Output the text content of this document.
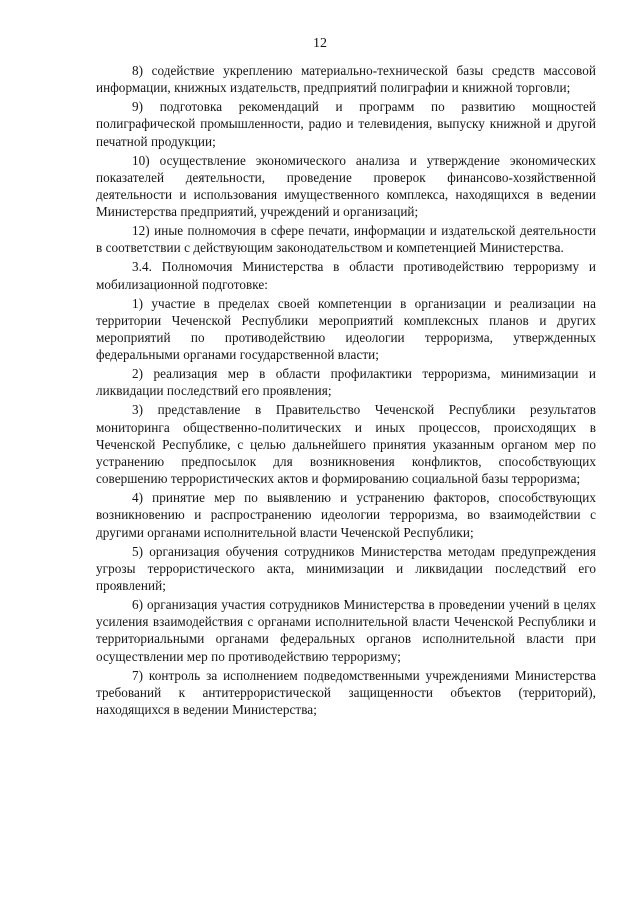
12

8) содействие укреплению материально-технической базы средств массовой информации, книжных издательств, предприятий полиграфии и книжной торговли;

9) подготовка рекомендаций и программ по развитию мощностей полиграфической промышленности, радио и телевидения, выпуску книжной и другой печатной продукции;

10) осуществление экономического анализа и утверждение экономических показателей деятельности, проведение проверок финансово-хозяйственной деятельности и использования имущественного комплекса, находящихся в ведении Министерства предприятий, учреждений и организаций;

12) иные полномочия в сфере печати, информации и издательской деятельности в соответствии с действующим законодательством и компетенцией Министерства.

3.4. Полномочия Министерства в области противодействию терроризму и мобилизационной подготовке:

1) участие в пределах своей компетенции в организации и реализации на территории Чеченской Республики мероприятий комплексных планов и других мероприятий по противодействию идеологии терроризма, утвержденных федеральными органами государственной власти;

2) реализация мер в области профилактики терроризма, минимизации и ликвидации последствий его проявления;

3) представление в Правительство Чеченской Республики результатов мониторинга общественно-политических и иных процессов, происходящих в Чеченской Республике, с целью дальнейшего принятия указанным органом мер по устранению предпосылок для возникновения конфликтов, способствующих совершению террористических актов и формированию социальной базы терроризма;

4) принятие мер по выявлению и устранению факторов, способствующих возникновению и распространению идеологии терроризма, во взаимодействии с другими органами исполнительной власти Чеченской Республики;

5) организация обучения сотрудников Министерства методам предупреждения угрозы террористического акта, минимизации и ликвидации последствий его проявлений;

6) организация участия сотрудников Министерства в проведении учений в целях усиления взаимодействия с органами исполнительной власти Чеченской Республики и территориальными органами федеральных органов исполнительной власти при осуществлении мер по противодействию терроризму;

7) контроль за исполнением подведомственными учреждениями Министерства требований к антитеррористической защищенности объектов (территорий), находящихся в ведении Министерства;
